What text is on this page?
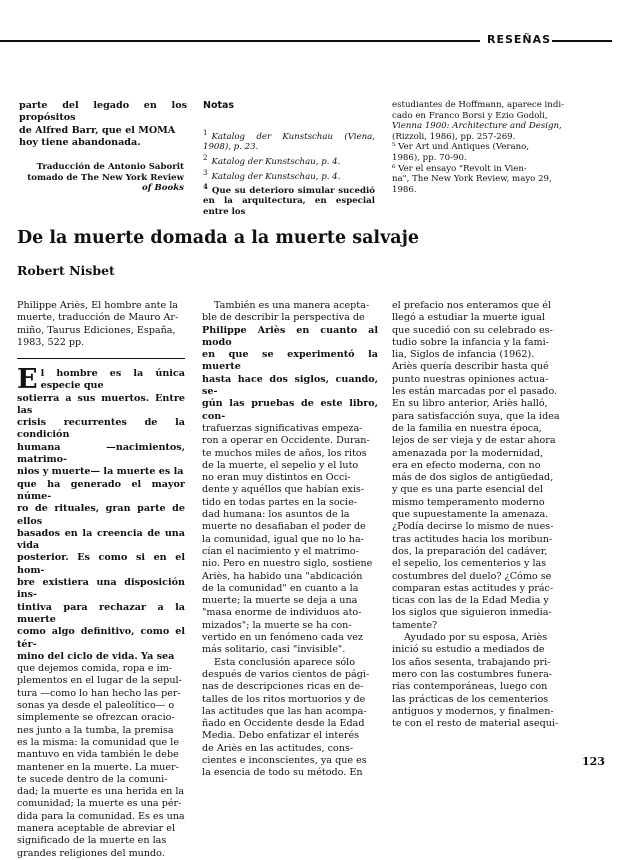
RESEÑAS

parte del legado en los propósitos

de Alfred Barr, que el MOMA

hoy tiene abandonada.

Traducción de Antonio Saborit
tomado de The New York Review
of Books
Notas

$^1$ Katalog der Kunstschau (Viena, 1908), p. 23.

$^2$ Katalog der Kunstschau, p. 4.

$^3$ Katalog der Kunstschau, p. 4.

$^4$ Que su deterioro simular sucedió en la arquitectura, en especial entre los

estudiantes de Hoffmann, aparece indi-

cado en Franco Borsi y Ezio Godoli,

Vienna 1900: Architecture and Design,

(Rizzoli, 1986), pp. 257-269.

⁵ Ver Art und Antiques (Verano,

1986), pp. 70-90.

⁶ Ver el ensayo "Revolt in Vien-

na", The New York Review, mayo 29,

1986.

De la muerte domada a la muerte salvaje
Robert Nisbet

Philippe Ariès, El hombre ante la

muerte, traducción de Mauro Ar-

miño, Taurus Ediciones, España,

1983, 522 pp.

E l hombre es la única especie que

sotierra a sus muertos. Entre las

crisis recurrentes de la condición

humana —nacimientos, matrimo-

nios y muerte— la muerte es la

que ha generado el mayor núme-

ro de rituales, gran parte de ellos

basados en la creencia de una vida

posterior. Es como si en el hom-

bre existiera una disposición ins-

tintiva para rechazar a la muerte

como algo definitivo, como el tér-

mino del ciclo de vida. Ya sea

que dejemos comida, ropa e im-

plementos en el lugar de la sepul-

tura —como lo han hecho las per-

sonas ya desde el paleolítico— o

simplemente se ofrezcan oracio-

nes junto a la tumba, la premisa

es la misma: la comunidad que le

mantuvo en vida también le debe

mantener en la muerte. La muer-

te sucede dentro de la comuni-

dad; la muerte es una herida en la

comunidad; la muerte es una pér-

dida para la comunidad. Es es una

manera aceptable de abreviar el

significado de la muerte en las

grandes religiones del mundo.

También es una manera acepta-

ble de describir la perspectiva de

Philippe Ariès en cuanto al modo

en que se experimentó la muerte

hasta hace dos siglos, cuando, se-

gún las pruebas de este libro, con-

trafuerzas significativas empeza-

ron a operar en Occidente. Duran-

te muchos miles de años, los ritos

de la muerte, el sepelio y el luto

no eran muy distintos en Occi-

dente y aquéllos que habían exis-

tido en todas partes en la socie-

dad humana: los asuntos de la

muerte no desafiaban el poder de

la comunidad, igual que no lo ha-

cían el nacimiento y el matrimo-

nio. Pero en nuestro siglo, sostiene

Ariès, ha habido una "abdicación

de la comunidad" en cuanto a la

muerte; la muerte se deja a una

"masa enorme de individuos ato-

mizados"; la muerte se ha con-

vertido en un fenómeno cada vez

más solitario, casi "invisible".

Esta conclusión aparece sólo

después de varios cientos de pági-

nas de descripciones ricas en de-

talles de los ritos mortuorios y de

las actitudes que las han acompa-

ñado en Occidente desde la Edad

Media. Debo enfatizar el interés

de Ariès en las actitudes, cons-

cientes e inconscientes, ya que es

la esencia de todo su método. En

el prefacio nos enteramos que él

llegó a estudiar la muerte igual

que sucedió con su celebrado es-

tudio sobre la infancia y la fami-

lia, Siglos de infancia (1962).

Ariès quería describir hasta qué

punto nuestras opiniones actua-

les están marcadas por el pasado.

En su libro anterior, Ariès halló,

para satisfacción suya, que la idea

de la familia en nuestra época,

lejos de ser vieja y de estar ahora

amenazada por la modernidad,

era en efecto moderna, con no

más de dos siglos de antigüedad,

y que es una parte esencial del

mismo temperamento moderno

que supuestamente la amenaza.

¿Podía decirse lo mismo de nues-

tras actitudes hacia los moribun-

dos, la preparación del cadáver,

el sepelio, los cementerios y las

costumbres del duelo? ¿Cómo se

comparan estas actitudes y prác-

ticas con las de la Edad Media y

los siglos que siguieron inmedia-

tamente?

Ayudado por su esposa, Ariès

inició su estudio a mediados de

los años sesenta, trabajando pri-

mero con las costumbres funera-

rias contemporáneas, luego con

las prácticas de los cementerios

antiguos y modernos, y finalmen-

te con el resto de material asequi-

123
